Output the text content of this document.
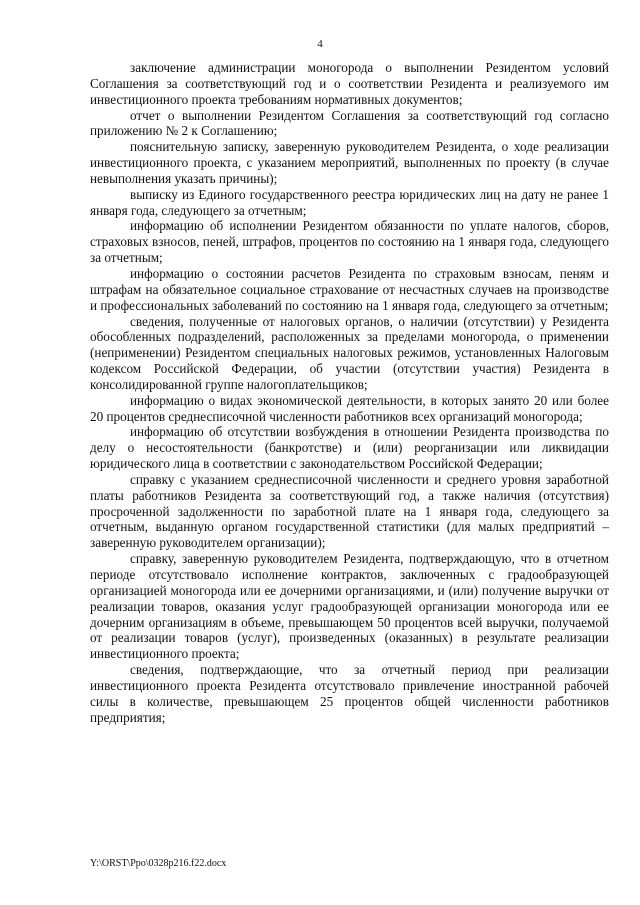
4

заключение администрации моногорода о выполнении Резидентом условий Соглашения за соответствующий год и о соответствии Резидента и реализуемого им инвестиционного проекта требованиям нормативных документов;

отчет о выполнении Резидентом Соглашения за соответствующий год согласно приложению № 2 к Соглашению;

пояснительную записку, заверенную руководителем Резидента, о ходе реализации инвестиционного проекта, с указанием мероприятий, выполненных по проекту (в случае невыполнения указать причины);

выписку из Единого государственного реестра юридических лиц на дату не ранее 1 января года, следующего за отчетным;

информацию об исполнении Резидентом обязанности по уплате налогов, сборов, страховых взносов, пеней, штрафов, процентов по состоянию на 1 января года, следующего за отчетным;

информацию о состоянии расчетов Резидента по страховым взносам, пеням и штрафам на обязательное социальное страхование от несчастных случаев на производстве и профессиональных заболеваний по состоянию на 1 января года, следующего за отчетным;

сведения, полученные от налоговых органов, о наличии (отсутствии) у Резидента обособленных подразделений, расположенных за пределами моногорода, о применении (неприменении) Резидентом специальных налоговых режимов, установленных Налоговым кодексом Российской Федерации, об участии (отсутствии участия) Резидента в консолидированной группе налогоплательщиков;

информацию о видах экономической деятельности, в которых занято 20 или более 20 процентов среднесписочной численности работников всех организаций моногорода;

информацию об отсутствии возбуждения в отношении Резидента производства по делу о несостоятельности (банкротстве) и (или) реорганизации или ликвидации юридического лица в соответствии с законодательством Российской Федерации;

справку с указанием среднесписочной численности и среднего уровня заработной платы работников Резидента за соответствующий год, а также наличия (отсутствия) просроченной задолженности по заработной плате на 1 января года, следующего за отчетным, выданную органом государственной статистики (для малых предприятий – заверенную руководителем организации);

справку, заверенную руководителем Резидента, подтверждающую, что в отчетном периоде отсутствовало исполнение контрактов, заключенных с градообразующей организацией моногорода или ее дочерними организациями, и (или) получение выручки от реализации товаров, оказания услуг градообразующей организации моногорода или ее дочерним организациям в объеме, превышающем 50 процентов всей выручки, получаемой от реализации товаров (услуг), произведенных (оказанных) в результате реализации инвестиционного проекта;

сведения, подтверждающие, что за отчетный период при реализации инвестиционного проекта Резидента отсутствовало привлечение иностранной рабочей силы в количестве, превышающем 25 процентов общей численности работников предприятия;

Y:\ORST\Ppo\0328p216.f22.docx
